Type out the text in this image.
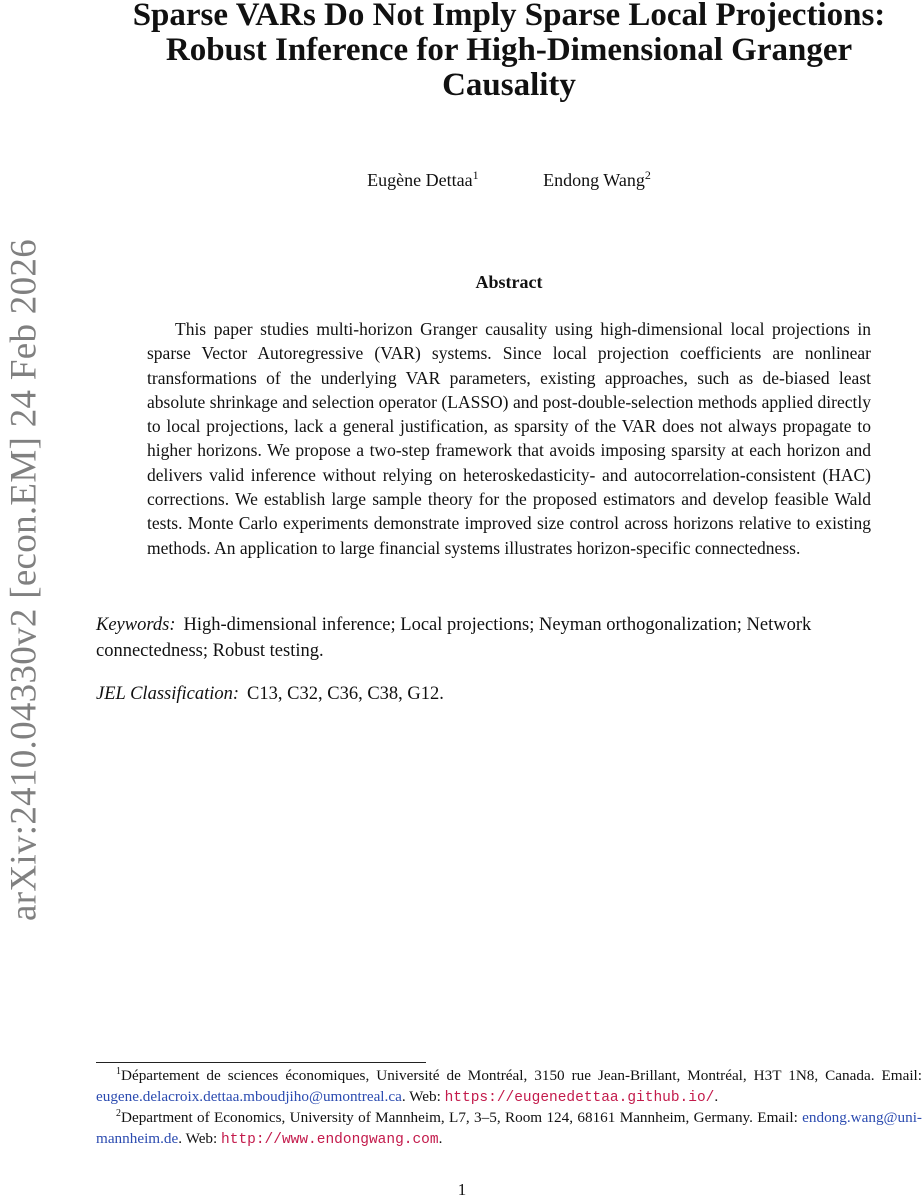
arXiv:2410.04330v2 [econ.EM] 24 Feb 2026
Sparse VARs Do Not Imply Sparse Local Projections: Robust Inference for High-Dimensional Granger Causality
Eugène Dettaa$^1$	Endong Wang$^2$
Abstract

This paper studies multi-horizon Granger causality using high-dimensional local projections in sparse Vector Autoregressive (VAR) systems. Since local projection coefficients are nonlinear transformations of the underlying VAR parameters, existing approaches, such as de-biased least absolute shrinkage and selection operator (LASSO) and post-double-selection methods applied directly to local projections, lack a general justification, as sparsity of the VAR does not always propagate to higher horizons. We propose a two-step framework that avoids imposing sparsity at each horizon and delivers valid inference without relying on heteroskedasticity- and autocorrelation-consistent (HAC) corrections. We establish large sample theory for the proposed estimators and develop feasible Wald tests. Monte Carlo experiments demonstrate improved size control across horizons relative to existing methods. An application to large financial systems illustrates horizon-specific connectedness.

Keywords: High-dimensional inference; Local projections; Neyman orthogonalization; Network connectedness; Robust testing.

JEL Classification: C13, C32, C36, C38, G12.

$^1$Département de sciences économiques, Université de Montréal, 3150 rue Jean-Brillant, Montréal, H3T 1N8, Canada. Email: eugene.delacroix.dettaa.mboudjiho@umontreal.ca. Web: https://eugenedettaa.github.io/.

$^2$Department of Economics, University of Mannheim, L7, 3–5, Room 124, 68161 Mannheim, Germany. Email: endong.wang@uni-mannheim.de. Web: http://www.endongwang.com.

1
